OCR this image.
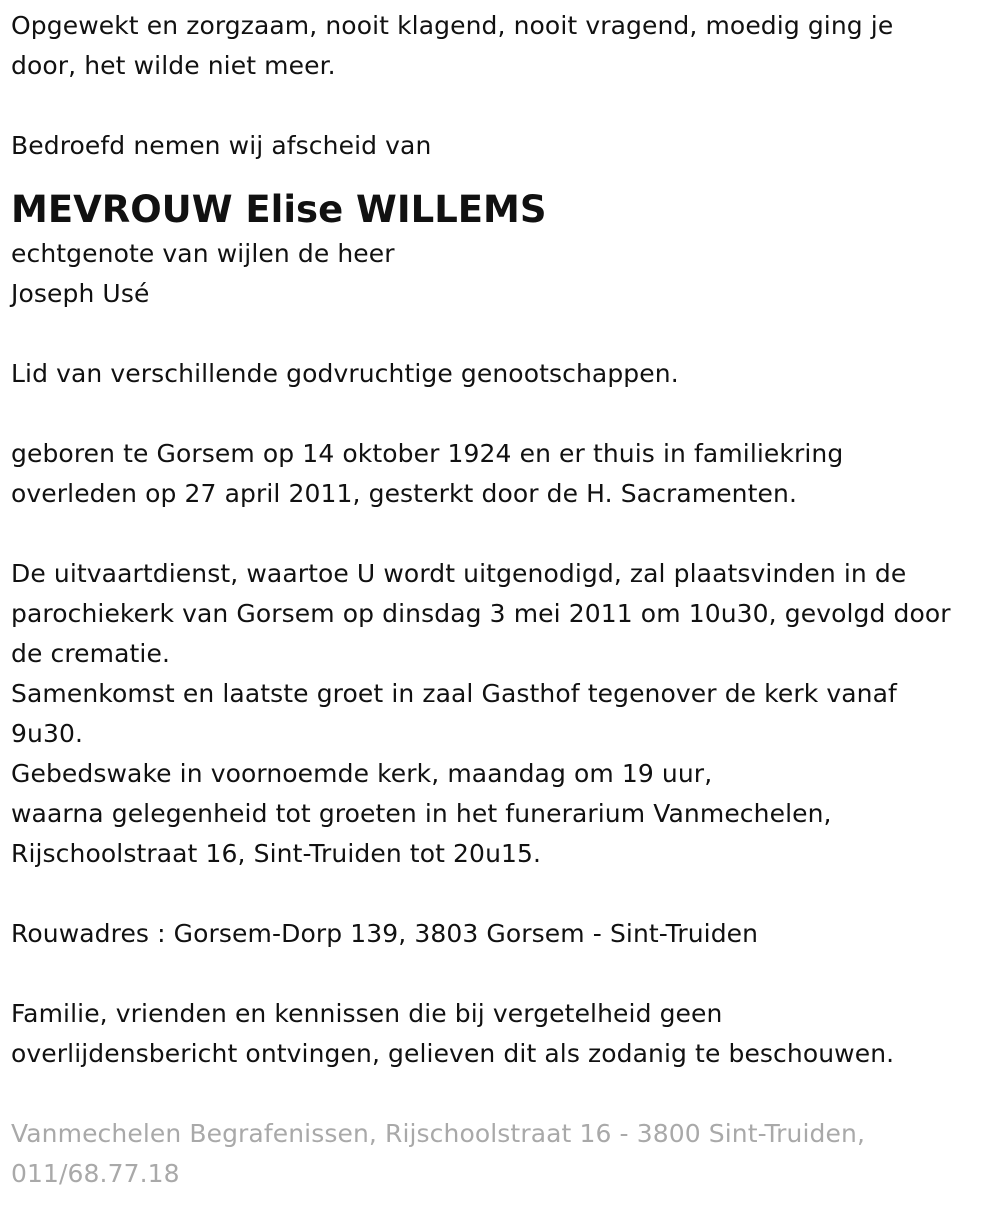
Opgewekt en zorgzaam, nooit klagend, nooit vragend, moedig ging je
door, het wilde niet meer.
Bedroefd nemen wij afscheid van
MEVROUW Elise WILLEMS
echtgenote van wijlen de heer
Joseph Usé
Lid van verschillende godvruchtige genootschappen.
geboren te Gorsem op 14 oktober 1924 en er thuis in familiekring
overleden op 27 april 2011, gesterkt door de H. Sacramenten.
De uitvaartdienst, waartoe U wordt uitgenodigd, zal plaatsvinden in de
parochiekerk van Gorsem op dinsdag 3 mei 2011 om 10u30, gevolgd door
de crematie.
Samenkomst en laatste groet in zaal Gasthof tegenover de kerk vanaf
9u30.
Gebedswake in voornoemde kerk, maandag om 19 uur,
waarna gelegenheid tot groeten in het funerarium Vanmechelen,
Rijschoolstraat 16, Sint-Truiden tot 20u15.
Rouwadres : Gorsem-Dorp 139, 3803 Gorsem - Sint-Truiden
Familie, vrienden en kennissen die bij vergetelheid geen
overlijdensbericht ontvingen, gelieven dit als zodanig te beschouwen.
Vanmechelen Begrafenissen, Rijschoolstraat 16 - 3800 Sint-Truiden,
011/68.77.18
